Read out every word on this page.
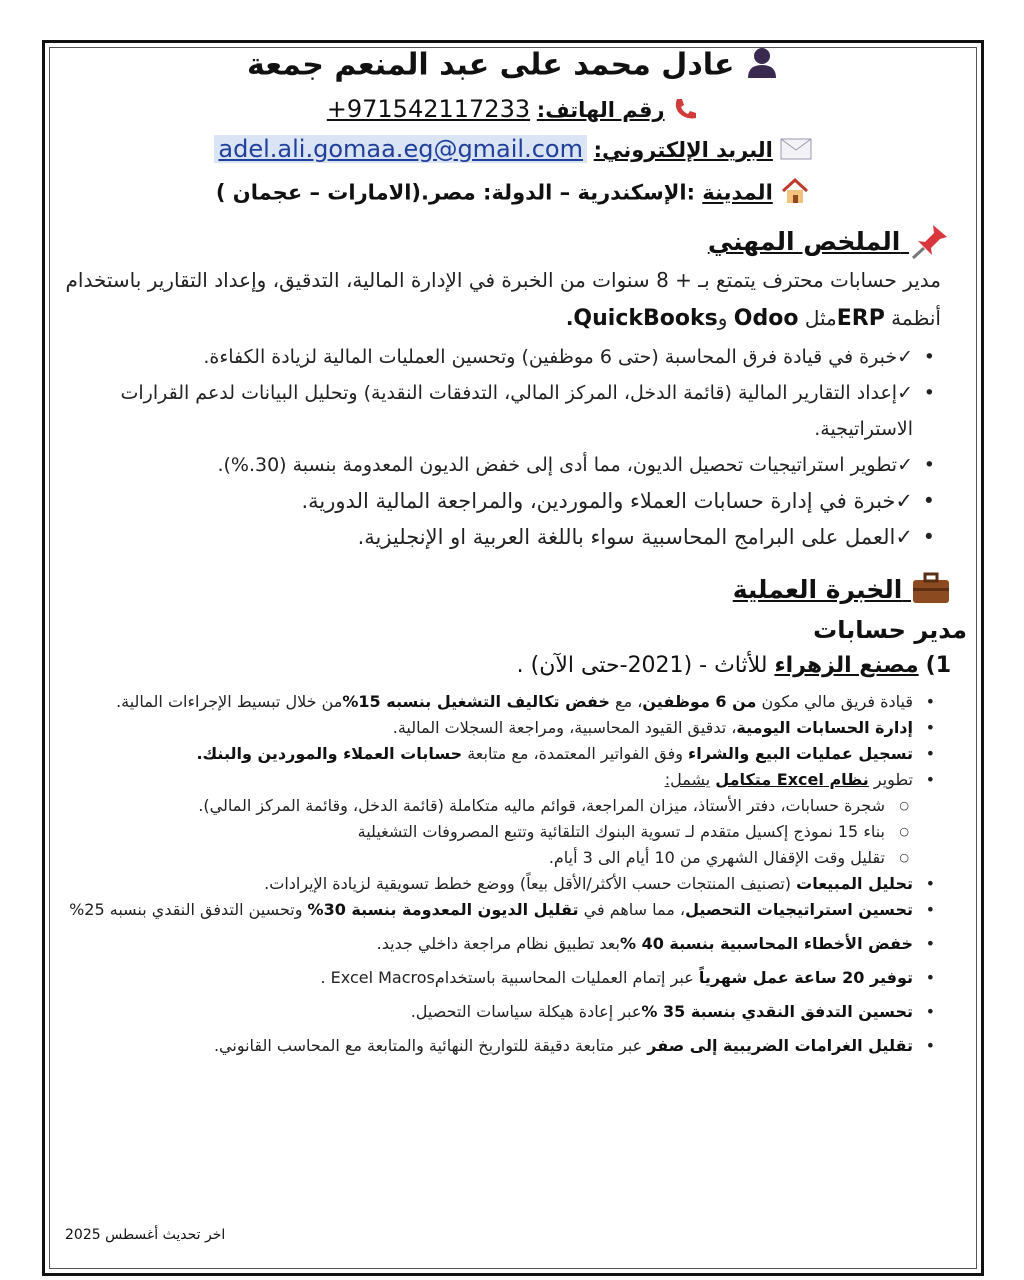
عادل محمد على عبد المنعم جمعة
رقم الهاتف: +971542117233
البريد الإلكتروني: adel.ali.gomaa.eg@gmail.com
المدينة :الإسكندرية – الدولة: مصر.(الامارات – عجمان )
الملخص المهني
مدير حسابات محترف يتمتع بـ + 8 سنوات من الخبرة في الإدارة المالية، التدقيق، وإعداد التقارير باستخدام
أنظمة ERPمثل Odoo وQuickBooks.
• ✓خبرة في قيادة فرق المحاسبة (حتى 6 موظفين) وتحسين العمليات المالية لزيادة الكفاءة.
• ✓إعداد التقارير المالية (قائمة الدخل، المركز المالي، التدفقات النقدية) وتحليل البيانات لدعم القرارات الاستراتيجية.
• ✓تطوير استراتيجيات تحصيل الديون، مما أدى إلى خفض الديون المعدومة بنسبة (30.%).
• ✓خبرة في إدارة حسابات العملاء والموردين، والمراجعة المالية الدورية.
• ✓العمل على البرامج المحاسبية سواء باللغة العربية او الإنجليزية.
الخبرة العملية
مدير حسابات
1) مصنع الزهراء للأثاث - (2021-حتى الآن) .
• قيادة فريق مالي مكون من 6 موظفين، مع خفض تكاليف التشغيل بنسبه 15%من خلال تبسيط الإجراءات المالية.
• إدارة الحسابات اليومية، تدقيق القيود المحاسبية، ومراجعة السجلات المالية.
• تسجيل عمليات البيع والشراء وفق الفواتير المعتمدة، مع متابعة حسابات العملاء والموردين والبنك.
• تطوير نظام Excel متكامل يشمل:
○ شجرة حسابات، دفتر الأستاذ، ميزان المراجعة، قوائم ماليه متكاملة (قائمة الدخل، وقائمة المركز المالي).
○ بناء 15 نموذج إكسيل متقدم لـ تسوية البنوك التلقائية وتتبع المصروفات التشغيلية
○ تقليل وقت الإقفال الشهري من 10 أيام الى 3 أيام.
• تحليل المبيعات (تصنيف المنتجات حسب الأكثر/الأقل بيعاً) ووضع خطط تسويقية لزيادة الإيرادات.
• تحسين استراتيجيات التحصيل، مما ساهم في تقليل الديون المعدومة بنسبة 30% وتحسين التدفق النقدي بنسبه 25%
• خفض الأخطاء المحاسبية بنسبة 40 %بعد تطبيق نظام مراجعة داخلي جديد.
• توفير 20 ساعة عمل شهرياً عبر إتمام العمليات المحاسبية باستخدامExcel Macros .
• تحسين التدفق النقدي بنسبة 35 %عبر إعادة هيكلة سياسات التحصيل.
• تقليل الغرامات الضريبية إلى صفر عبر متابعة دقيقة للتواريخ النهائية والمتابعة مع المحاسب القانوني.
اخر تحديث أغسطس 2025
